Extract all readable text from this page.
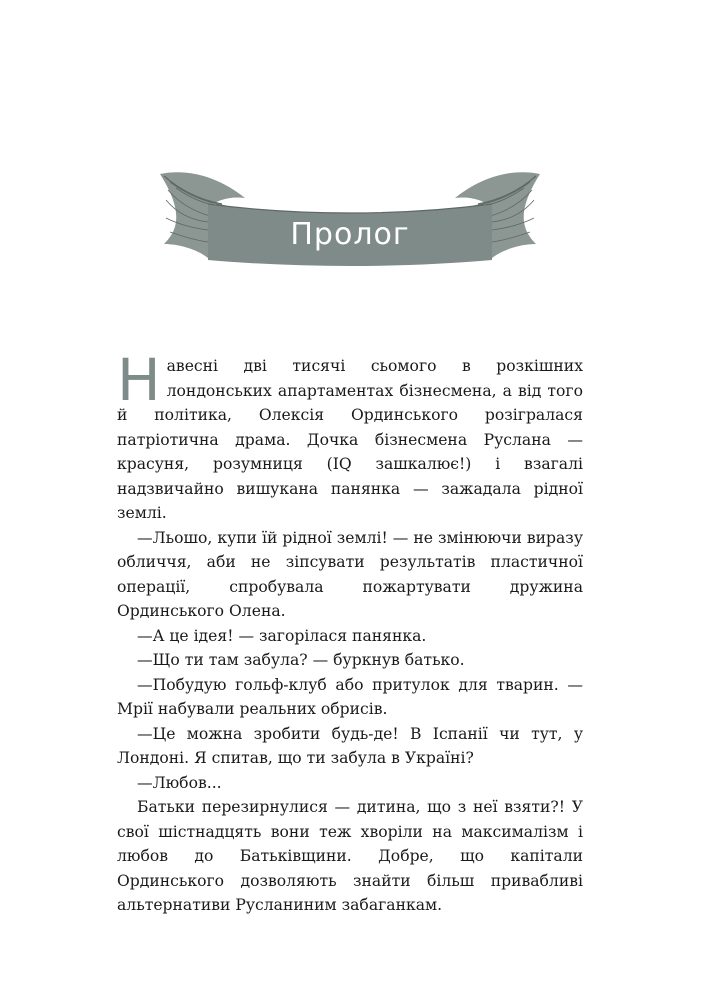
Пролог

Навесні дві тисячі сьомого в розкішних лондонських апартаментах бізнесмена, а від того й політика, Олексія Ординського розігралася патріотична драма. Дочка бізнесмена Руслана — красуня, розумниця (IQ зашкалює!) і взагалі надзвичайно вишукана панянка — зажадала рідної землі.

—Льошо, купи їй рідної землі! — не змінюючи виразу обличчя, аби не зіпсувати результатів пластичної операції, спробувала пожартувати дружина Ординського Олена.

—А це ідея! — загорілася панянка.

—Що ти там забула? — буркнув батько.

—Побудую гольф-клуб або притулок для тварин. — Мрії набували реальних обрисів.

—Це можна зробити будь-де! В Іспанії чи тут, у Лондоні. Я спитав, що ти забула в Україні?

—Любов...

Батьки перезирнулися — дитина, що з неї взяти?! У свої шістнадцять вони теж хворіли на максималізм і любов до Батьківщини. Добре, що капітали Ординського дозволяють знайти більш привабливі альтернативи Русланиним забаганкам.
